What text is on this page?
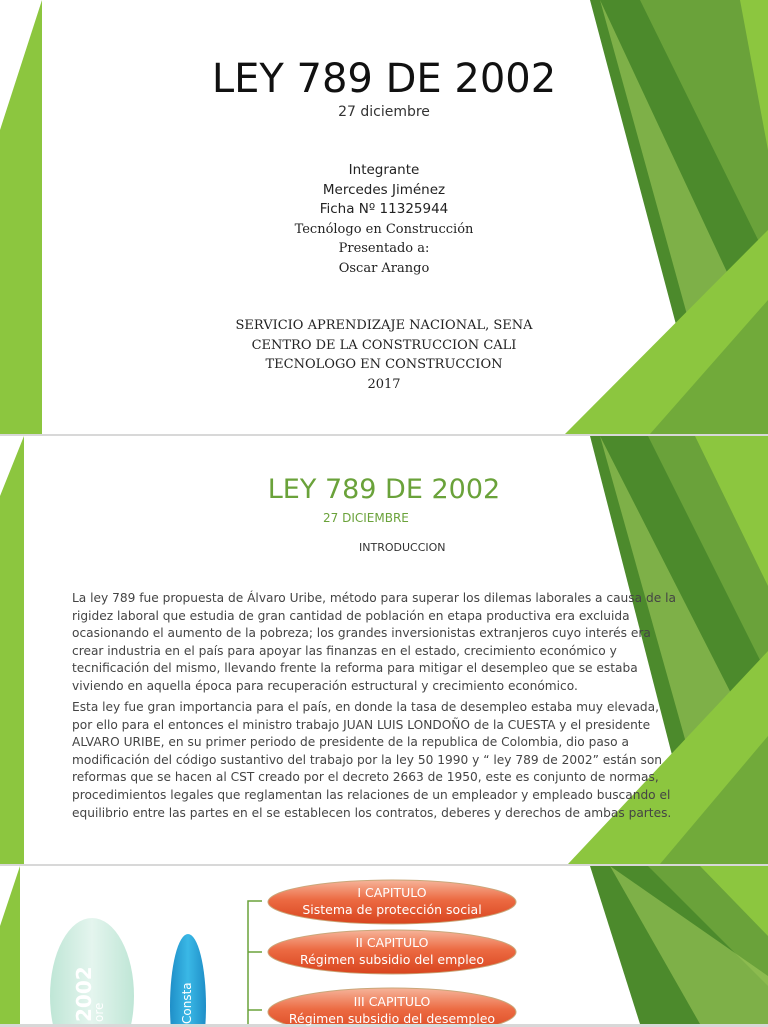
LEY 789 DE 2002
27 diciembre
Integrante
Mercedes Jiménez
Ficha Nº 11325944
Tecnólogo en Construcción
Presentado a:
Oscar Arango
SERVICIO APRENDIZAJE NACIONAL, SENA
CENTRO DE LA CONSTRUCCION CALI
TECNOLOGO EN CONSTRUCCION
2017
LEY 789 DE 2002
27 DICIEMBRE
INTRODUCCION
La ley 789 fue propuesta de Álvaro Uribe, método para superar los dilemas laborales a causa de la
rigidez laboral que estudia de gran cantidad de población en etapa productiva era excluida
ocasionando el aumento de la pobreza; los grandes inversionistas extranjeros cuyo interés era
crear industria en el país para apoyar las finanzas en el estado, crecimiento económico y
tecnificación del mismo, llevando frente la reforma para mitigar el desempleo que se estaba
viviendo en aquella época para recuperación estructural y crecimiento económico.
Esta ley fue gran importancia para el país, en donde la tasa de desempleo estaba muy elevada,
por ello para el entonces el ministro trabajo JUAN LUIS LONDOÑO de la CUESTA y el presidente
ALVARO URIBE, en su primer periodo de presidente de la republica de Colombia, dio paso a
modificación del código sustantivo del trabajo por la ley 50 1990 y “ ley 789 de 2002” están son
reformas que se hacen al CST creado por el decreto 2663 de 1950, este es conjunto de normas,
procedimientos legales que reglamentan las relaciones de un empleador y empleado buscando el
equilibrio entre las partes en el se establecen los contratos, deberes y derechos de ambas partes.
2002
ore	Consta
I CAPITULO
Sistema de protección social
II CAPITULO
Régimen subsidio del empleo
III CAPITULO
Régimen subsidio del desempleo
